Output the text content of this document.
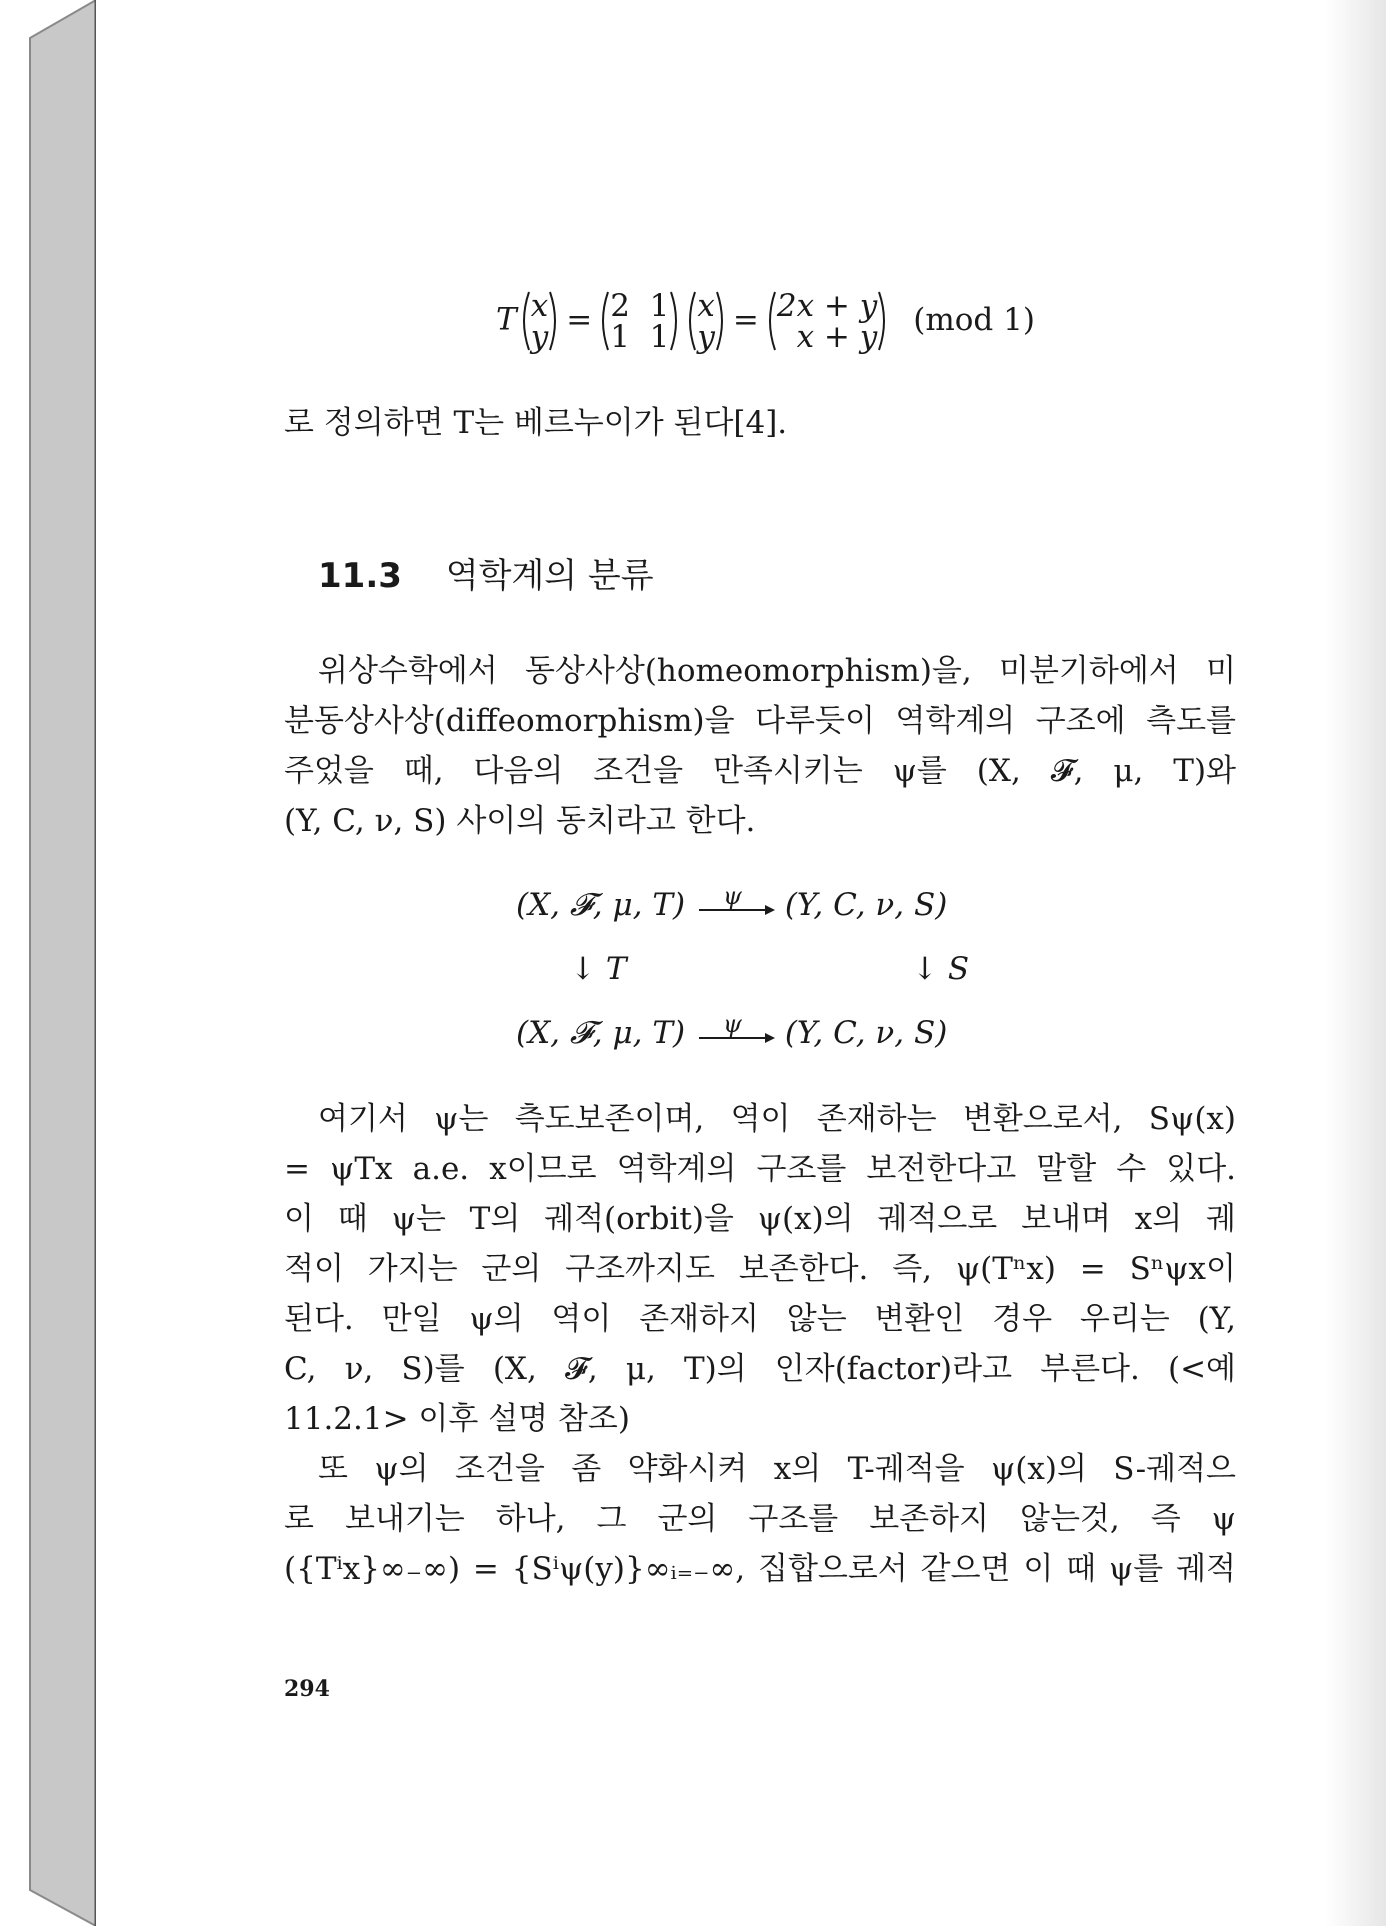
T x
y = 2  1
1  1
x
y = 2x + y
x + y (mod 1)
로 정의하면 T는 베르누이가 된다[4].
11.3 역학계의 분류
위상수학에서 동상사상(homeomorphism)을, 미분기하에서 미
분동상사상(diffeomorphism)을 다루듯이 역학계의 구조에 측도를
주었을 때, 다음의 조건을 만족시키는 ψ를 (X, 𝓕, μ, T)와
(Y, C, ν, S) 사이의 동치라고 한다.
(X, 𝓕, μ, T) ψ (Y, C, ν, S)
↓ T	↓ S
(X, 𝓕, μ, T) ψ (Y, C, ν, S)
여기서 ψ는 측도보존이며, 역이 존재하는 변환으로서, Sψ(x)
= ψTx a.e. x이므로 역학계의 구조를 보전한다고 말할 수 있다.
이 때 ψ는 T의 궤적(orbit)을 ψ(x)의 궤적으로 보내며 x의 궤
적이 가지는 군의 구조까지도 보존한다. 즉, ψ(Tⁿx) = Sⁿψx이
된다. 만일 ψ의 역이 존재하지 않는 변환인 경우 우리는 (Y,
C, ν, S)를 (X, 𝓕, μ, T)의 인자(factor)라고 부른다. (<예
11.2.1> 이후 설명 참조)
또 ψ의 조건을 좀 약화시켜 x의 T-궤적을 ψ(x)의 S-궤적으
로 보내기는 하나, 그 군의 구조를 보존하지 않는것, 즉 ψ
({Tⁱx}∞₋∞) = {Sⁱψ(y)}∞ᵢ₌₋∞, 집합으로서 같으면 이 때 ψ를 궤적
294
